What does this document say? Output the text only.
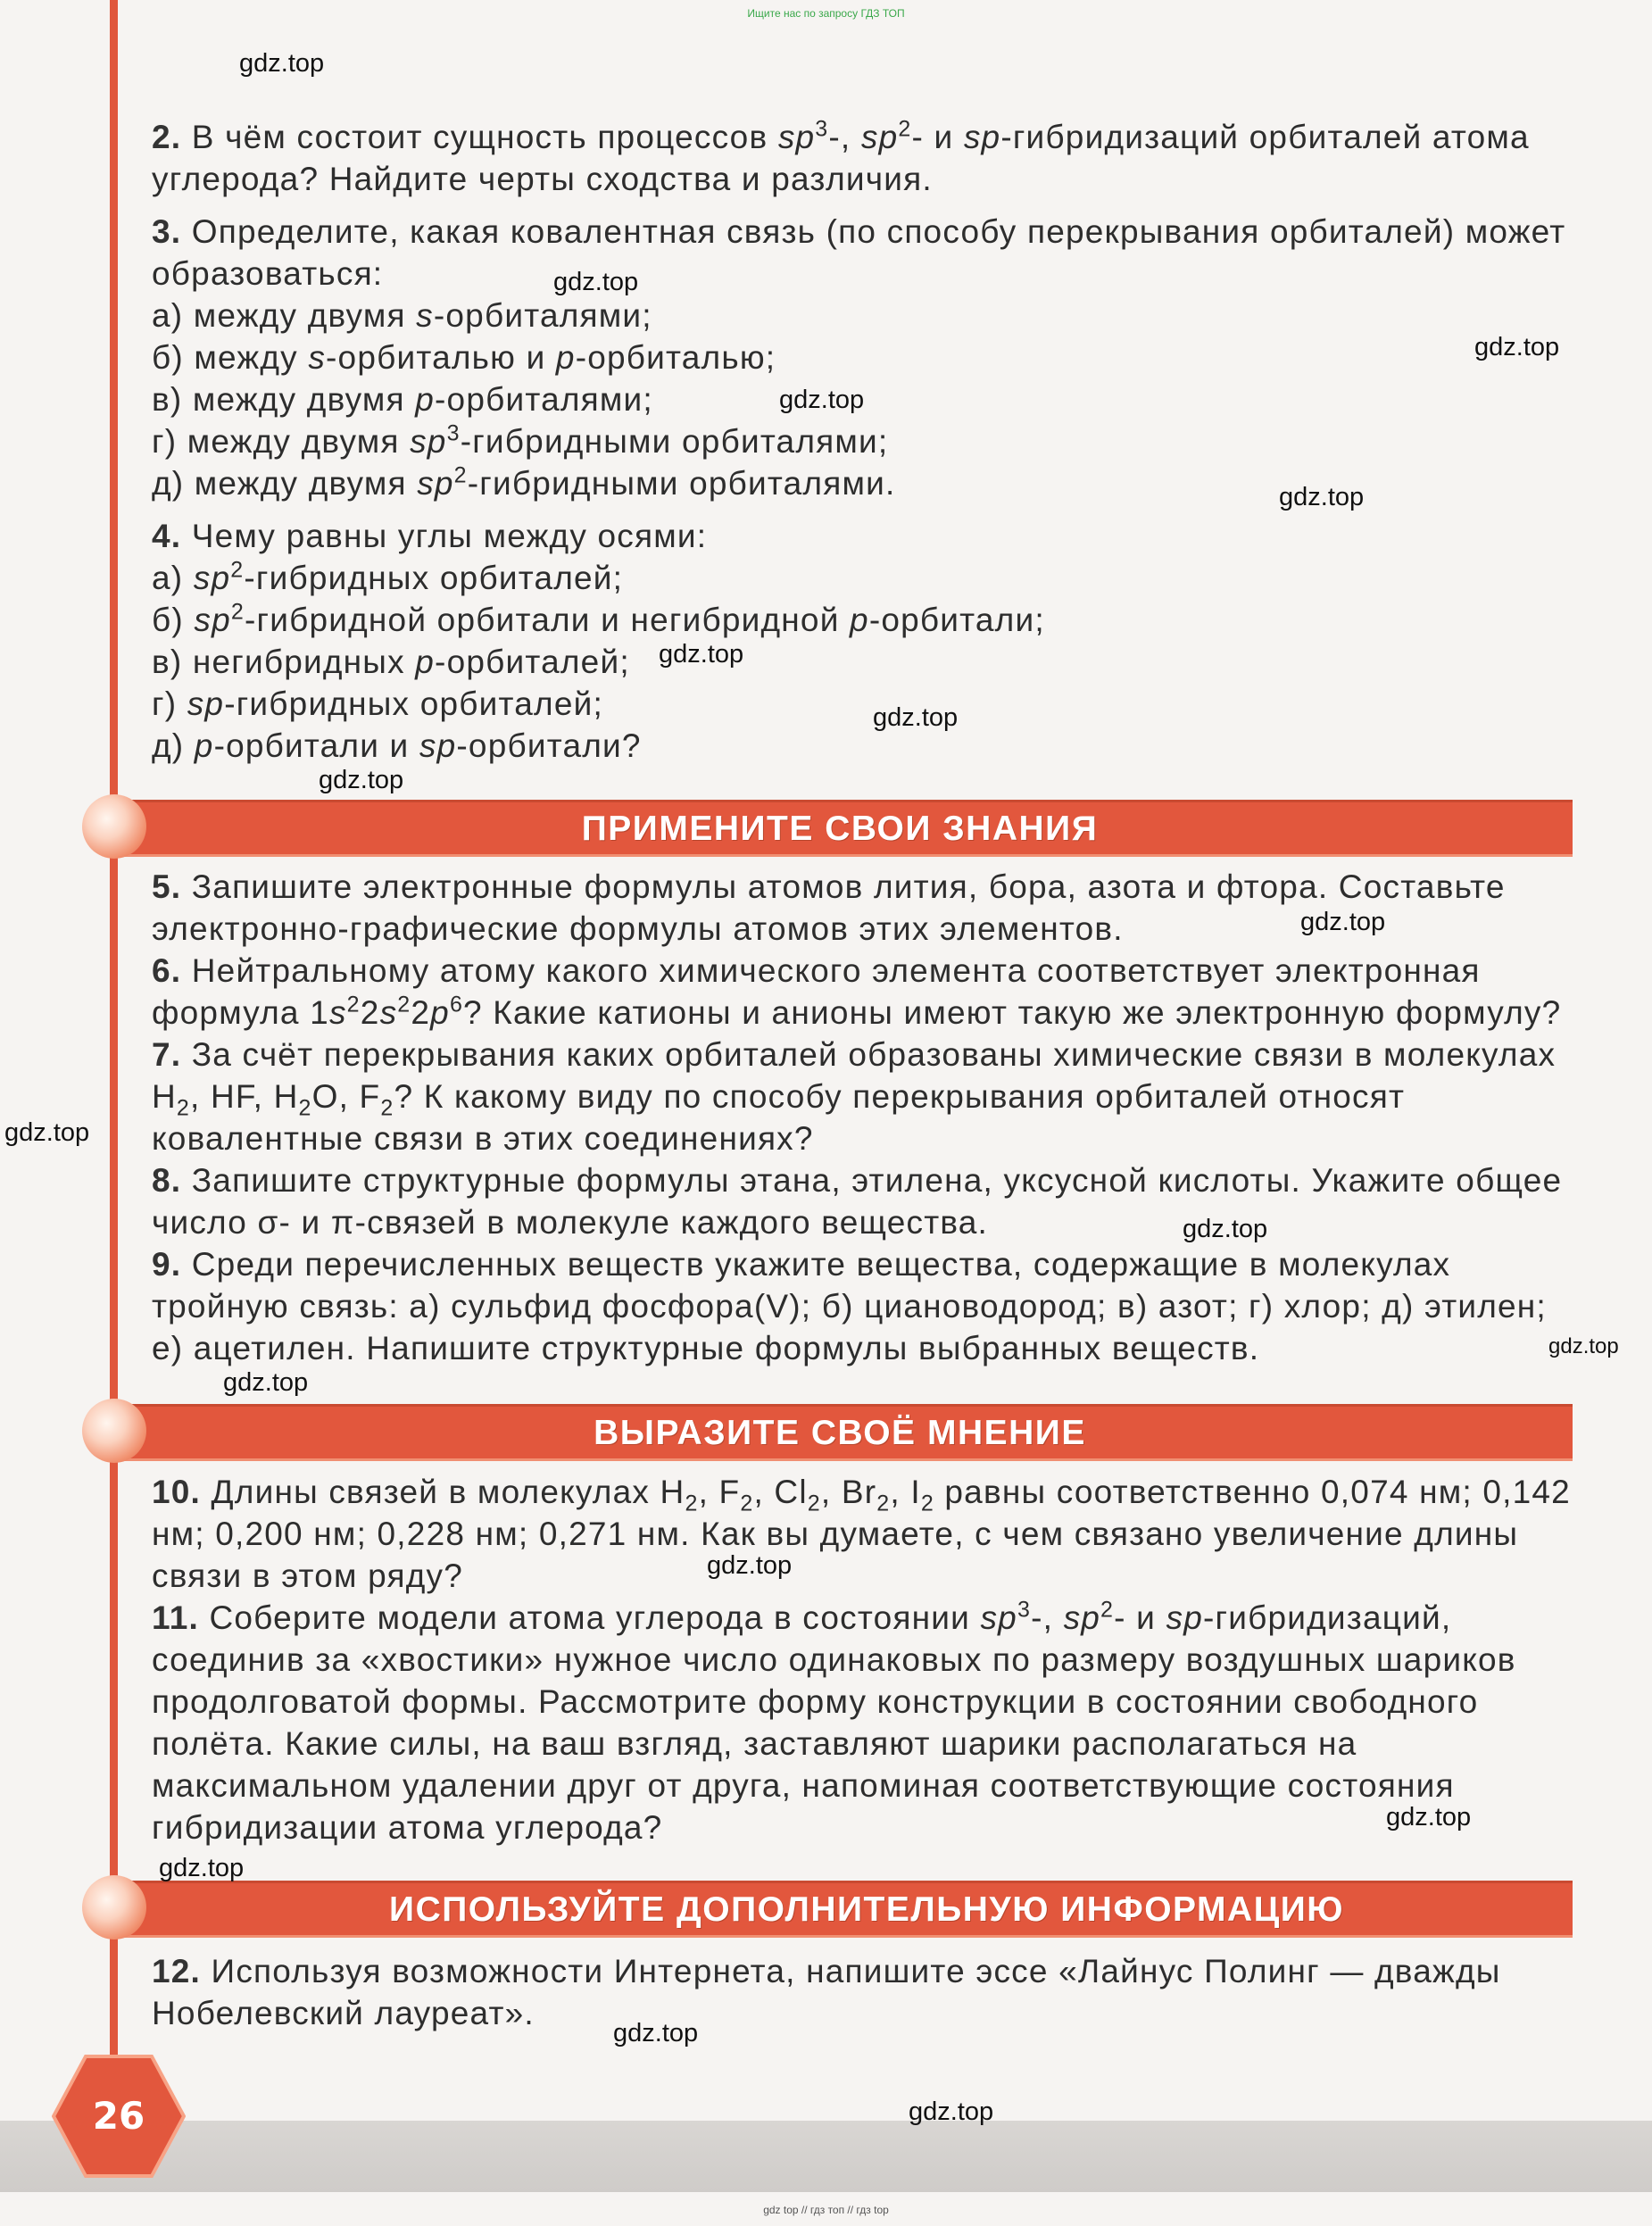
Ищите нас по запросу ГДЗ ТОП
gdz top // гдз топ // гдз top
26

2. В чём состоит сущность процессов $sp^3-$, $sp^2-$ и sp-гибридизаций орбиталей атома углерода? Найдите черты сходства и различия.

3. Определите, какая ковалентная связь (по способу перекрывания орбиталей) может образоваться:
а) между двумя s-орбиталями;
б) между s-орбиталью и p-орбиталью;
в) между двумя p-орбиталями;
г) между двумя $sp^3$-гибридными орбиталями;
д) между двумя $sp^2$-гибридными орбиталями.

4. Чему равны углы между осями:
а) $sp^2$-гибридных орбиталей;
б) $sp^2$-гибридной орбитали и негибридной p-орбитали;
в) негибридных p-орбиталей;
г) sp-гибридных орбиталей;
д) p-орбитали и sp-орбитали?

ПРИМЕНИТЕ СВОИ ЗНАНИЯ

5. Запишите электронные формулы атомов лития, бора, азота и фтора. Составьте электронно-графические формулы атомов этих элементов.

6. Нейтральному атому какого химического элемента соответствует электронная формула $1s^22s^22p^6$? Какие катионы и анионы имеют такую же электронную формулу?

7. За счёт перекрывания каких орбиталей образованы химические связи в молекулах $H_2$, HF, $H_2O$, $F_2$? К какому виду по способу перекрывания орбиталей относят ковалентные связи в этих соединениях?

8. Запишите структурные формулы этана, этилена, уксусной кислоты. Укажите общее число σ- и π-связей в молекуле каждого вещества.

9. Среди перечисленных веществ укажите вещества, содержащие в молекулах тройную связь: а) сульфид фосфора(V); б) циановодород; в) азот; г) хлор; д) этилен; е) ацетилен. Напишите структурные формулы выбранных веществ.

ВЫРАЗИТЕ СВОЁ МНЕНИЕ

10. Длины связей в молекулах $H_2$, $F_2$, $Cl_2$, $Br_2$, $I_2$ равны соответственно 0,074 нм; 0,142 нм; 0,200 нм; 0,228 нм; 0,271 нм. Как вы думаете, с чем связано увеличение длины связи в этом ряду?

11. Соберите модели атома углерода в состоянии $sp^3-$, $sp^2-$ и sp-гибридизаций, соединив за «хвостики» нужное число одинаковых по размеру воздушных шариков продолговатой формы. Рассмотрите форму конструкции в состоянии свободного полёта. Какие силы, на ваш взгляд, заставляют шарики располагаться на максимальном удалении друг от друга, напоминая соответствующие состояния гибридизации атома углерода?

ИСПОЛЬЗУЙТЕ ДОПОЛНИТЕЛЬНУЮ ИНФОРМАЦИЮ

12. Используя возможности Интернета, напишите эссе «Лайнус Полинг — дважды Нобелевский лауреат».

gdz.top
gdz.top
gdz.top
gdz.top
gdz.top
gdz.top
gdz.top
gdz.top
gdz.top
gdz.top
gdz.top
gdz.top
gdz.top
gdz.top
gdz.top
gdz.top
gdz.top
gdz.top
